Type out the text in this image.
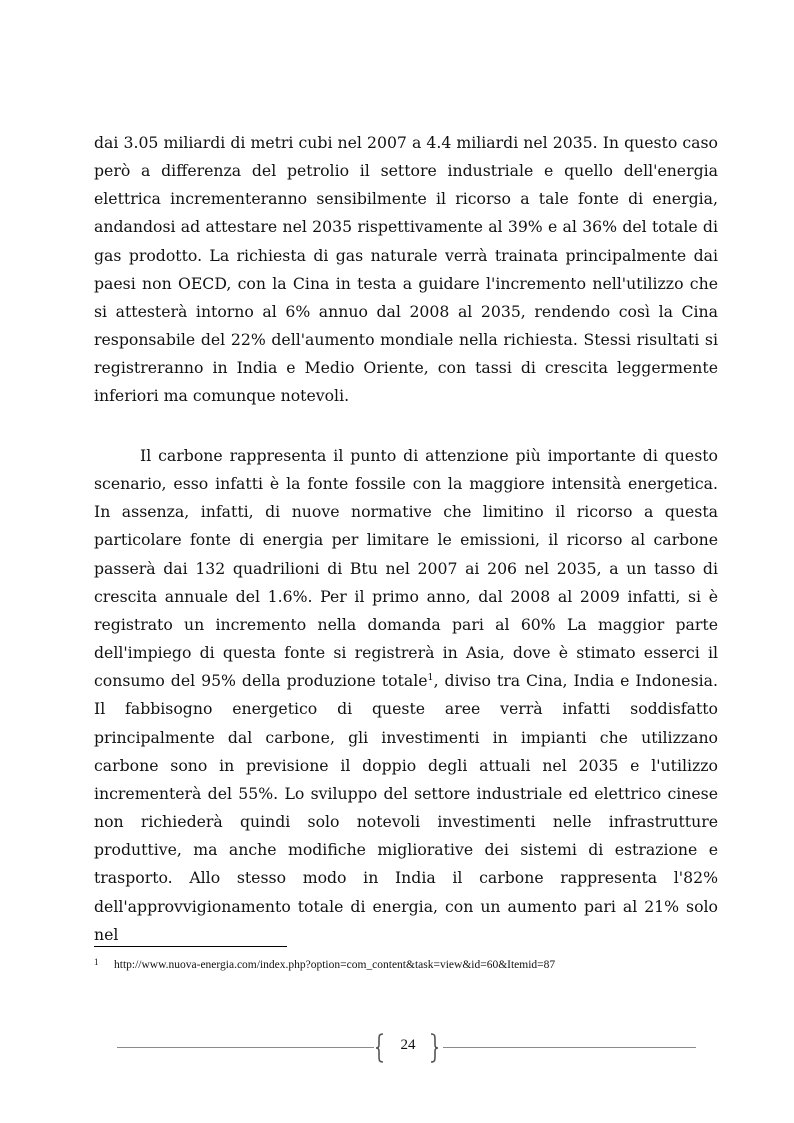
dai 3.05 miliardi di metri cubi nel 2007 a 4.4 miliardi nel 2035. In questo caso però a differenza del petrolio il settore industriale e quello dell'energia elettrica incrementeranno sensibilmente il ricorso a tale fonte di energia, andandosi ad attestare nel 2035 rispettivamente al 39% e al 36% del totale di gas prodotto. La richiesta di gas naturale verrà trainata principalmente dai paesi non OECD, con la Cina in testa a guidare l'incremento nell'utilizzo che si attesterà intorno al 6% annuo dal 2008 al 2035, rendendo così la Cina responsabile del 22% dell'aumento mondiale nella richiesta. Stessi risultati si registreranno in India e Medio Oriente, con tassi di crescita leggermente inferiori ma comunque notevoli.

Il carbone rappresenta il punto di attenzione più importante di questo scenario, esso infatti è la fonte fossile con la maggiore intensità energetica. In assenza, infatti, di nuove normative che limitino il ricorso a questa particolare fonte di energia per limitare le emissioni, il ricorso al carbone passerà dai 132 quadrilioni di Btu nel 2007 ai 206 nel 2035, a un tasso di crescita annuale del 1.6%. Per il primo anno, dal 2008 al 2009 infatti, si è registrato un incremento nella domanda pari al 60% La maggior parte dell'impiego di questa fonte si registrerà in Asia, dove è stimato esserci il consumo del 95% della produzione totale$^1$, diviso tra Cina, India e Indonesia. Il fabbisogno energetico di queste aree verrà infatti soddisfatto principalmente dal carbone, gli investimenti in impianti che utilizzano carbone sono in previsione il doppio degli attuali nel 2035 e l'utilizzo incrementerà del 55%. Lo sviluppo del settore industriale ed elettrico cinese non richiederà quindi solo notevoli investimenti nelle infrastrutture produttive, ma anche modifiche migliorative dei sistemi di estrazione e trasporto. Allo stesso modo in India il carbone rappresenta l'82% dell'approvvigionamento totale di energia, con un aumento pari al 21% solo nel

1 http://www.nuova-energia.com/index.php?option=com_content&task=view&id=60&Itemid=87
24
